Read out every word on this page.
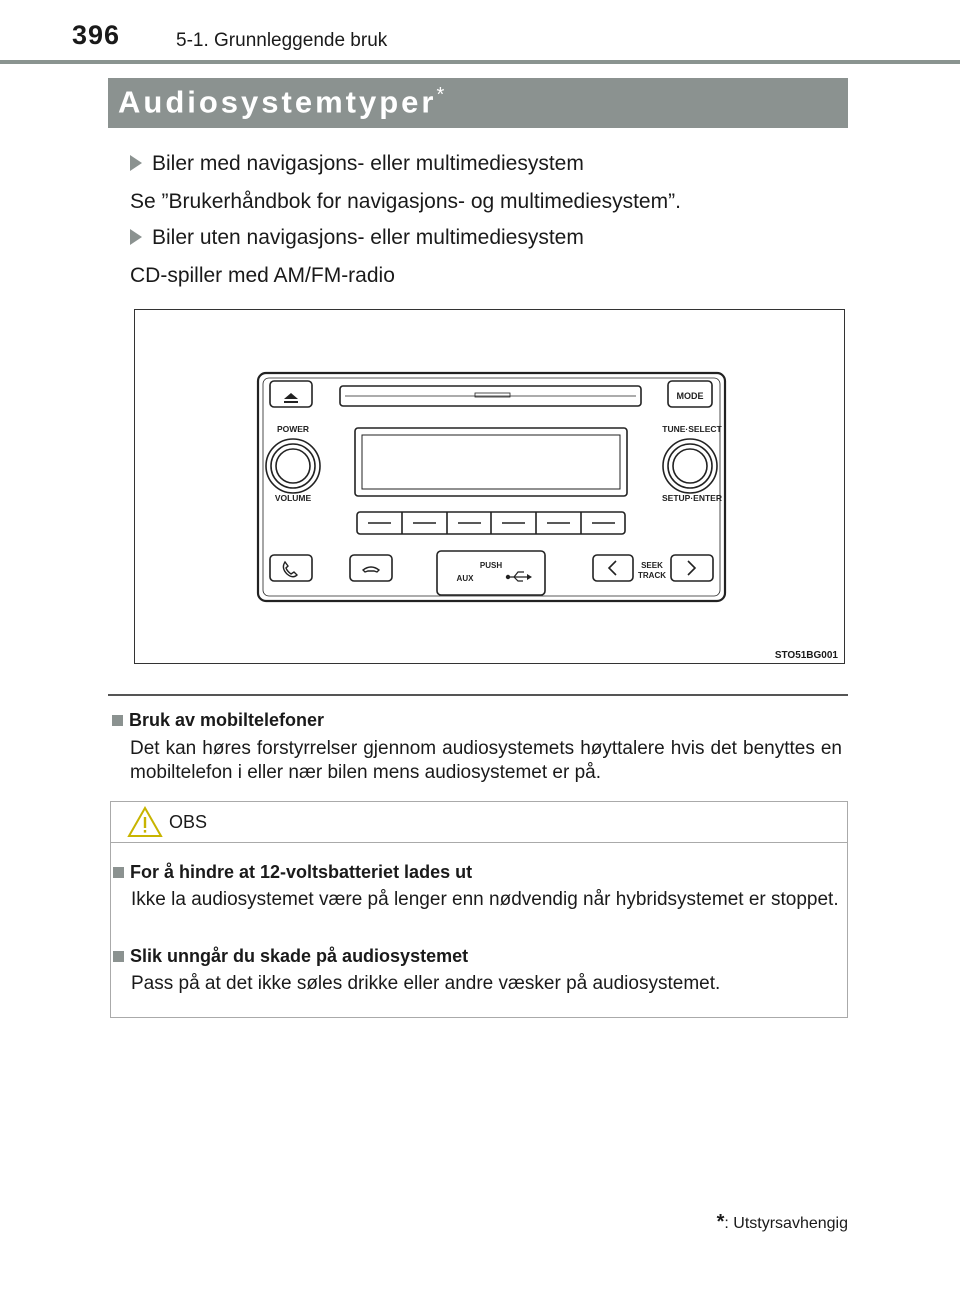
396	5-1. Grunnleggende bruk
Audiosystemtyper*
Biler med navigasjons- eller multimediesystem
Se ”Brukerhåndbok for navigasjons- og multimediesystem”.
Biler uten navigasjons- eller multimediesystem
CD-spiller med AM/FM-radio
MODE
POWER
VOLUME
TUNE·SELECT
SETUP·ENTER
PUSH
AUX
SEEK
TRACK
STO51BG001
Bruk av mobiltelefoner
Det kan høres forstyrrelser gjennom audiosystemets høyttalere hvis det benyttes en mobiltelefon i eller nær bilen mens audiosystemet er på.
OBS
For å hindre at 12-voltsbatteriet lades ut
Ikke la audiosystemet være på lenger enn nødvendig når hybridsystemet er stoppet.
Slik unngår du skade på audiosystemet
Pass på at det ikke søles drikke eller andre væsker på audiosystemet.
*: Utstyrsavhengig
